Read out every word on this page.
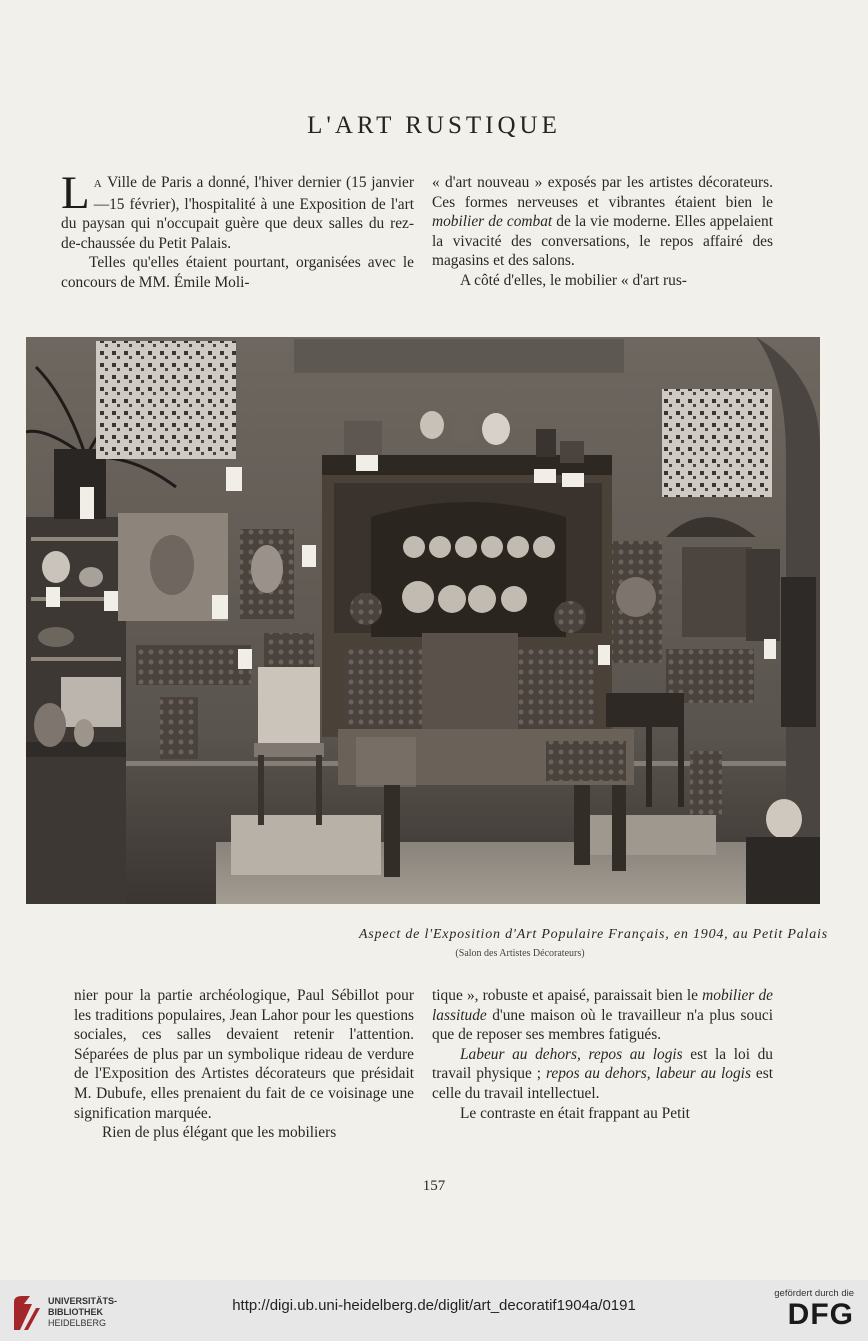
L'ART RUSTIQUE

L A Ville de Paris a donné, l'hiver dernier (15 janvier—15 février), l'hospitalité à une Exposition de l'art du paysan qui n'occupait guère que deux salles du rez-de-chaussée du Petit Palais.

Telles qu'elles étaient pourtant, organisées avec le concours de MM. Émile Moli-

« d'art nouveau » exposés par les artistes décorateurs. Ces formes nerveuses et vibrantes étaient bien le mobilier de combat de la vie moderne. Elles appelaient la vivacité des conversations, le repos affairé des magasins et des salons.

A côté d'elles, le mobilier « d'art rus-

Aspect de l'Exposition d'Art Populaire Français, en 1904, au Petit Palais
(Salon des Artistes Décorateurs)

nier pour la partie archéologique, Paul Sébillot pour les traditions populaires, Jean Lahor pour les questions sociales, ces salles devaient retenir l'attention. Séparées de plus par un symbolique rideau de verdure de l'Exposition des Artistes décorateurs que présidait M. Dubufe, elles prenaient du fait de ce voisinage une signification marquée.

Rien de plus élégant que les mobiliers

tique », robuste et apaisé, paraissait bien le mobilier de lassitude d'une maison où le travailleur n'a plus souci que de reposer ses membres fatigués.

Labeur au dehors, repos au logis est la loi du travail physique ; repos au dehors, labeur au logis est celle du travail intellectuel.

Le contraste en était frappant au Petit

157
UNIVERSITÄTS-
BIBLIOTHEK
HEIDELBERG
http://digi.ub.uni-heidelberg.de/diglit/art_decoratif1904a/0191
gefördert durch die
DFG
